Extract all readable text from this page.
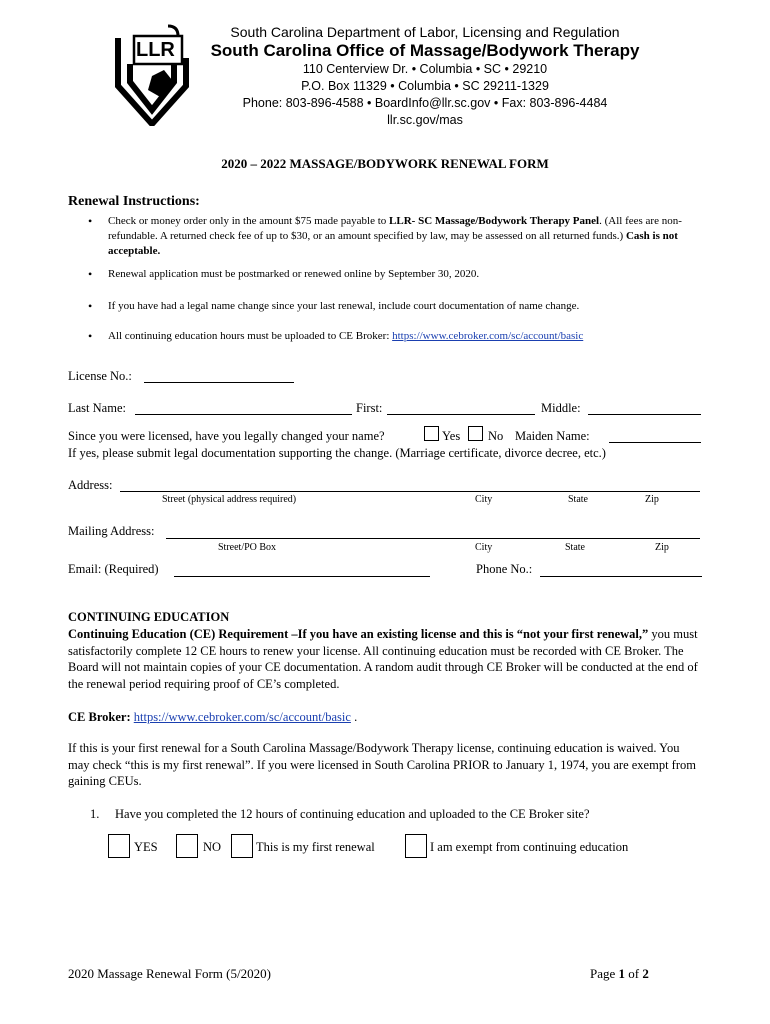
LLR
South Carolina Department of Labor, Licensing and Regulation
South Carolina Office of Massage/Bodywork Therapy
110 Centerview Dr. • Columbia • SC • 29210
P.O. Box 11329 • Columbia • SC 29211-1329
Phone: 803-896-4588 • BoardInfo@llr.sc.gov • Fax: 803-896-4484
llr.sc.gov/mas
2020 – 2022 MASSAGE/BODYWORK RENEWAL FORM
Renewal Instructions:
• Check or money order only in the amount $75 made payable to LLR- SC Massage/Bodywork Therapy Panel. (All fees are non-refundable. A returned check fee of up to $30, or an amount specified by law, may be assessed on all returned funds.) Cash is not acceptable.
• Renewal application must be postmarked or renewed online by September 30, 2020.
• If you have had a legal name change since your last renewal, include court documentation of name change.
• All continuing education hours must be uploaded to CE Broker: https://www.cebroker.com/sc/account/basic
License No.:
Last Name:	First:	Middle:
Since you were licensed, have you legally changed your name?	Yes No Maiden Name:
If yes, please submit legal documentation supporting the change. (Marriage certificate, divorce decree, etc.)
Address:
Street (physical address required)	City	State	Zip
Mailing Address:
Street/PO Box	City	State	Zip
Email: (Required)	Phone No.:
CONTINUING EDUCATION
Continuing Education (CE) Requirement –If you have an existing license and this is “not your first renewal,” you must satisfactorily complete 12 CE hours to renew your license. All continuing education must be recorded with CE Broker. The Board will not maintain copies of your CE documentation. A random audit through CE Broker will be conducted at the end of the renewal period requiring proof of CE’s completed.
CE Broker: https://www.cebroker.com/sc/account/basic .
If this is your first renewal for a South Carolina Massage/Bodywork Therapy license, continuing education is waived. You may check “this is my first renewal”. If you were licensed in South Carolina PRIOR to January 1, 1974, you are exempt from gaining CEUs.
1. Have you completed the 12 hours of continuing education and uploaded to the CE Broker site?
YES	NO	This is my first renewal	I am exempt from continuing education
2020 Massage Renewal Form (5/2020)	Page 1 of 2
